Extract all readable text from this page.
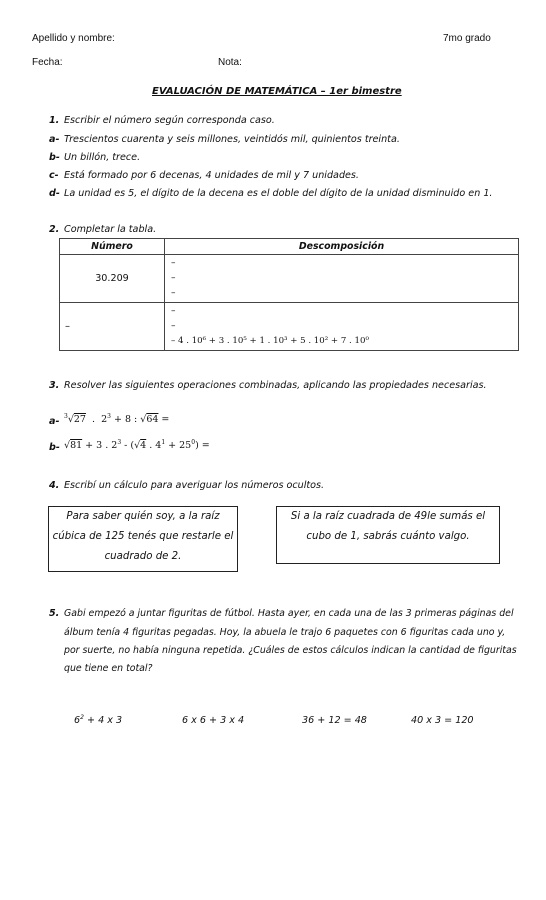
Apellido y nombre:	7mo grado
Fecha:	Nota:
EVALUACIÓN DE MATEMÁTICA – 1er bimestre
1. Escribir el número según corresponda caso.
a- Trescientos cuarenta y seis millones, veintidós mil, quinientos treinta.
b- Un billón, trece.
c- Está formado por 6 decenas, 4 unidades de mil y 7 unidades.
d- La unidad es 5, el dígito de la decena es el doble del dígito de la unidad disminuido en 1.
2. Completar la tabla.
Número	Descomposición
30.209	–
–
–

–	–
–
– 4 . 10⁶ + 3 . 10⁵ + 1 . 10³ + 5 . 10² + 7 . 10⁰
3. Resolver las siguientes operaciones combinadas, aplicando las propiedades necesarias.
a- $^3$√27  .  $2^3 + 8$ : √64 =
b- √81 + 3 . $2^3 - (√4$ . $4^1 + 25^0$) =
4. Escribí un cálculo para averiguar los números ocultos.
Para saber quién soy, a la raíz cúbica de 125 tenés que restarle el cuadrado de 2.
Si a la raíz cuadrada de 49le sumás el cubo de 1, sabrás cuánto valgo.
5. Gabi empezó a juntar figuritas de fútbol. Hasta ayer, en cada una de las 3 primeras páginas del
álbum tenía 4 figuritas pegadas. Hoy, la abuela le trajo 6 paquetes con 6 figuritas cada uno y,
por suerte, no había ninguna repetida. ¿Cuáles de estos cálculos indican la cantidad de figuritas
que tiene en total?
$6^2 + 4$ x 3	6 x 6 + 3 x 4	36 + 12 = 48	40 x 3 = 120
